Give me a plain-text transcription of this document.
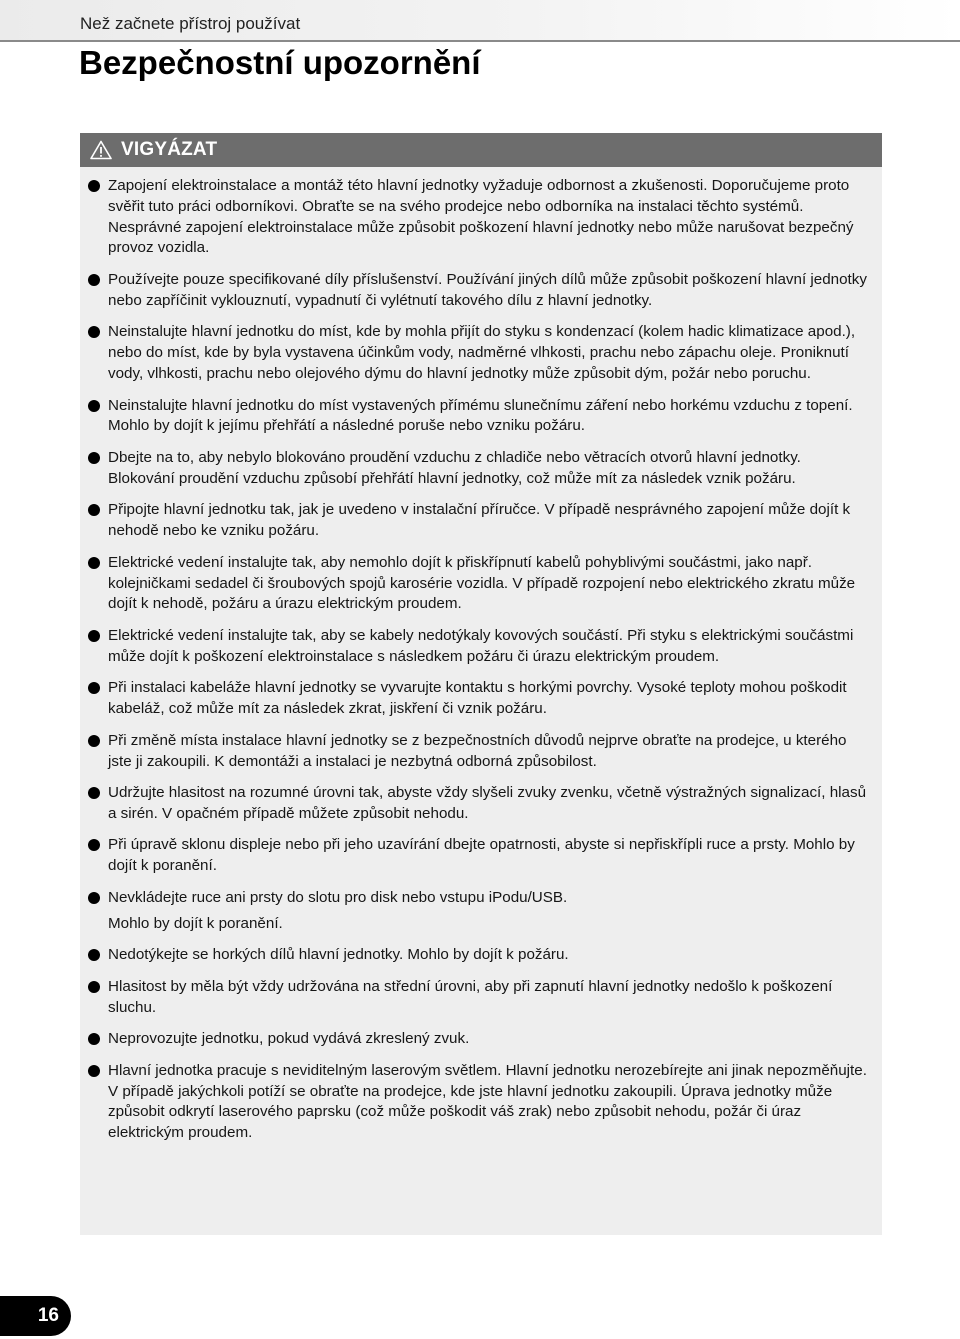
Než začnete přístroj používat
Bezpečnostní upozornění
VIGYÁZAT
Zapojení elektroinstalace a montáž této hlavní jednotky vyžaduje odbornost a zkušenosti. Doporučujeme proto svěřit tuto práci odborníkovi. Obraťte se na svého prodejce nebo odborníka na instalaci těchto systémů. Nesprávné zapojení elektroinstalace může způsobit poškození hlavní jednotky nebo může narušovat bezpečný provoz vozidla.
Používejte pouze specifikované díly příslušenství. Používání jiných dílů může způsobit poškození hlavní jednotky nebo zapříčinit vyklouznutí, vypadnutí či vylétnutí takového dílu z hlavní jednotky.
Neinstalujte hlavní jednotku do míst, kde by mohla přijít do styku s kondenzací (kolem hadic klimatizace apod.), nebo do míst, kde by byla vystavena účinkům vody, nadměrné vlhkosti, prachu nebo zápachu oleje. Proniknutí vody, vlhkosti, prachu nebo olejového dýmu do hlavní jednotky může způsobit dým, požár nebo poruchu.
Neinstalujte hlavní jednotku do míst vystavených přímému slunečnímu záření nebo horkému vzduchu z topení. Mohlo by dojít k jejímu přehřátí a následné poruše nebo vzniku požáru.
Dbejte na to, aby nebylo blokováno proudění vzduchu z chladiče nebo větracích otvorů hlavní jednotky. Blokování proudění vzduchu způsobí přehřátí hlavní jednotky, což může mít za následek vznik požáru.
Připojte hlavní jednotku tak, jak je uvedeno v instalační příručce. V případě nesprávného zapojení může dojít k nehodě nebo ke vzniku požáru.
Elektrické vedení instalujte tak, aby nemohlo dojít k přiskřípnutí kabelů pohyblivými součástmi, jako např. kolejničkami sedadel či šroubových spojů karosérie vozidla. V případě rozpojení nebo elektrického zkratu může dojít k nehodě, požáru a úrazu elektrickým proudem.
Elektrické vedení instalujte tak, aby se kabely nedotýkaly kovových součástí. Při styku s elektrickými součástmi může dojít k poškození elektroinstalace s následkem požáru či úrazu elektrickým proudem.
Při instalaci kabeláže hlavní jednotky se vyvarujte kontaktu s horkými povrchy. Vysoké teploty mohou poškodit kabeláž, což může mít za následek zkrat, jiskření či vznik požáru.
Při změně místa instalace hlavní jednotky se z bezpečnostních důvodů nejprve obraťte na prodejce, u kterého jste ji zakoupili. K demontáži a instalaci je nezbytná odborná způsobilost.
Udržujte hlasitost na rozumné úrovni tak, abyste vždy slyšeli zvuky zvenku, včetně výstražných signalizací, hlasů a sirén. V opačném případě můžete způsobit nehodu.
Při úpravě sklonu displeje nebo při jeho uzavírání dbejte opatrnosti, abyste si nepřiskřípli ruce a prsty. Mohlo by dojít k poranění.
Nevkládejte ruce ani prsty do slotu pro disk nebo vstupu iPodu/USB.
Mohlo by dojít k poranění.
Nedotýkejte se horkých dílů hlavní jednotky. Mohlo by dojít k požáru.
Hlasitost by měla být vždy udržována na střední úrovni, aby při zapnutí hlavní jednotky nedošlo k poškození sluchu.
Neprovozujte jednotku, pokud vydává zkreslený zvuk.
Hlavní jednotka pracuje s neviditelným laserovým světlem. Hlavní jednotku nerozebírejte ani jinak nepozměňujte. V případě jakýchkoli potíží se obraťte na prodejce, kde jste hlavní jednotku zakoupili. Úprava jednotky může způsobit odkrytí laserového paprsku (což může poškodit váš zrak) nebo způsobit nehodu, požár či úraz elektrickým proudem.
16
